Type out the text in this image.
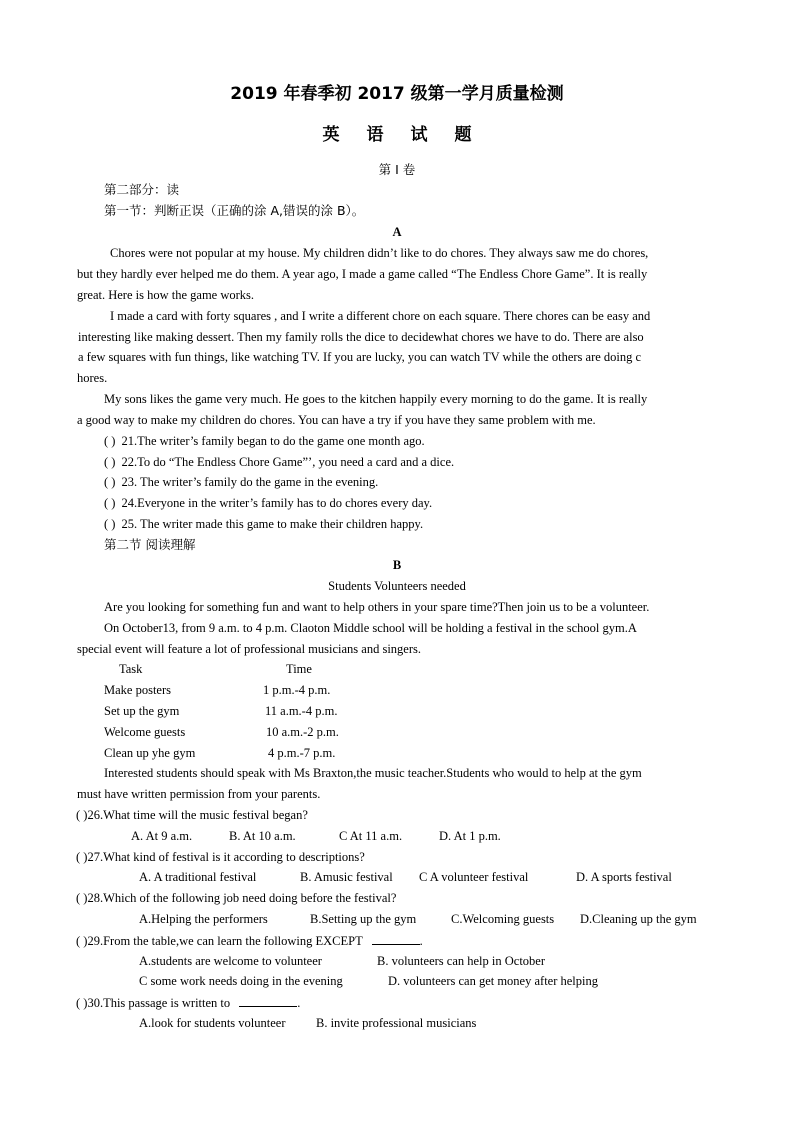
2019 年春季初 2017 级第一学月质量检测
英 语 试 题
第 I 卷
第二部分：读
第一节：判断正误（正确的涂 A,错误的涂 B）。
A
Chores were not popular at my house. My children didn’t like to do chores. They always saw me do chores,
but they hardly ever helped me do them. A year ago, I made a game called “The Endless Chore Game”. It is really
great. Here is how the game works.
I made a card with forty squares , and I write a different chore on each square. There chores can be easy and
interesting like making dessert. Then my family rolls the dice to decidewhat chores we have to do. There are also
a few squares with fun things, like watching TV. If you are lucky, you can watch TV while the others are doing c
hores.
My sons likes the game very much. He goes to the kitchen happily every morning to do the game. It is really
a good way to make my children do chores. You can have a try if you have they same problem with me.
( ) 21.The writer’s family began to do the game one month ago.
( ) 22.To do “The Endless Chore Game”’, you need a card and a dice.
( ) 23. The writer’s family do the game in the evening.
( ) 24.Everyone in the writer’s family has to do chores every day.
( ) 25. The writer made this game to make their children happy.
第二节 阅读理解
B
Students Volunteers needed
Are you looking for something fun and want to help others in your spare time?Then join us to be a volunteer.
On October13, from 9 a.m. to 4 p.m. Claoton Middle school will be holding a festival in the school gym.A
special event will feature a lot of professional musicians and singers.
Task	Time
Make posters	1 p.m.-4 p.m.
Set up the gym	11 a.m.-4 p.m.
Welcome guests	10 a.m.-2 p.m.
Clean up yhe gym	4 p.m.-7 p.m.
Interested students should speak with Ms Braxton,the music teacher.Students who would to help at the gym
must have written permission from your parents.
( )26.What time will the music festival began?
A. At 9 a.m.	B. At 10 a.m.	C At 11 a.m.	D. At 1 p.m.
( )27.What kind of festival is it according to descriptions?
A. A traditional festival	B. Amusic festival C A volunteer festival	D. A sports festival
( )28.Which of the following job need doing before the festival?
A.Helping the performers	B.Setting up the gym	C.Welcoming guests D.Cleaning up the gym
( )29.From the table,we can learn the following EXCEPT	.
A.students are welcome to volunteer	B. volunteers can help in October
C some work needs doing in the evening	D. volunteers can get money after helping
( )30.This passage is written to	.
A.look for students volunteer B. invite professional musicians
